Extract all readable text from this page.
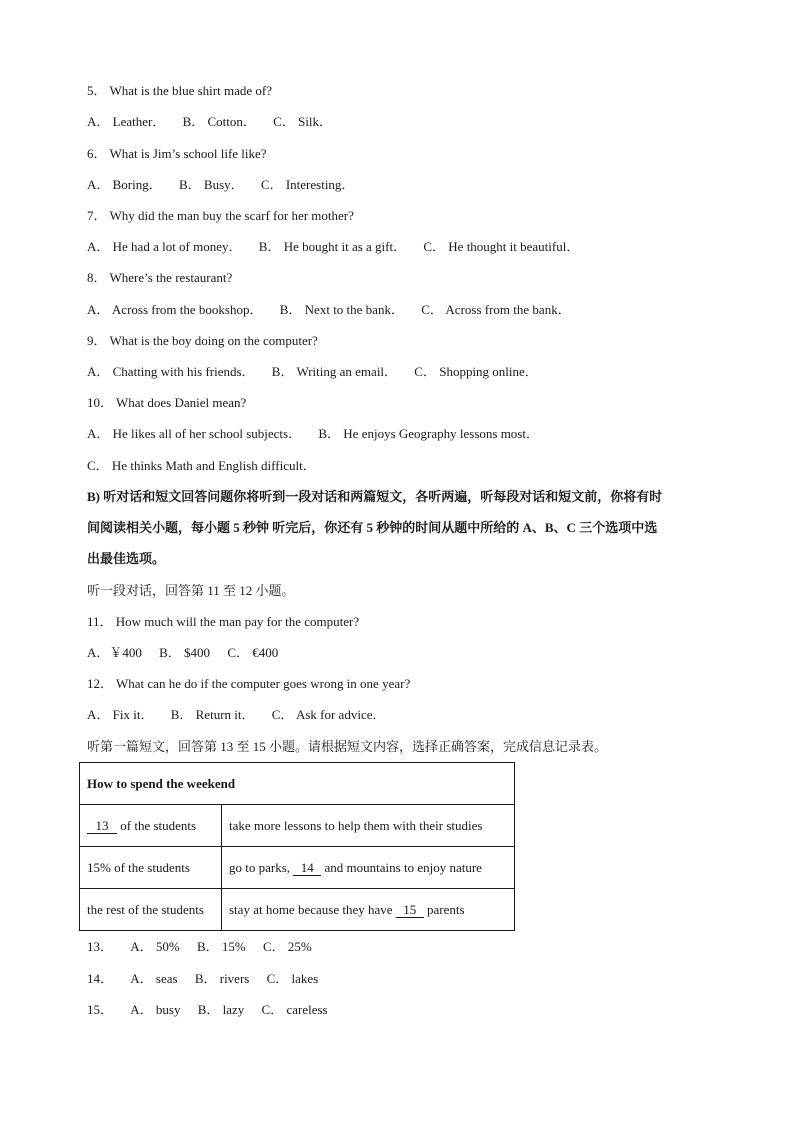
5． What is the blue shirt made of?
A． Leather． B． Cotton． C． Silk．
6． What is Jim’s school life like?
A． Boring． B． Busy． C． Interesting．
7． Why did the man buy the scarf for her mother?
A． He had a lot of money． B． He bought it as a gift． C． He thought it beautiful．
8． Where’s the restaurant?
A． Across from the bookshop． B． Next to the bank． C． Across from the bank．
9． What is the boy doing on the computer?
A． Chatting with his friends． B． Writing an email． C． Shopping online．
10． What does Daniel mean?
A． He likes all of her school subjects． B． He enjoys Geography lessons most．
C． He thinks Math and English difficult．
B) 听对话和短文回答问题你将听到一段对话和两篇短文，各听两遍，听每段对话和短文前，你将有时
间阅读相关小题，每小题 5 秒钟 听完后，你还有 5 秒钟的时间从题中所给的 A、B、C 三个选项中选
出最佳选项。
听一段对话，回答第 11 至 12 小题。
11． How much will the man pay for the computer?
A．￥400 B． $400 C． €400
12． What can he do if the computer goes wrong in one year?
A． Fix it． B． Return it． C． Ask for advice．
听第一篇短文，回答第 13 至 15 小题。请根据短文内容，选择正确答案，完成信息记录表。
How to spend the weekend	
13 of the students	take more lessons to help them with their studies
15% of the students	go to parks, 14 and mountains to enjoy nature
the rest of the students	stay at home because they have 15 parents
13． A． 50% B． 15% C． 25%
14． A． seas B． rivers C． lakes
15． A． busy B． lazy C． careless
